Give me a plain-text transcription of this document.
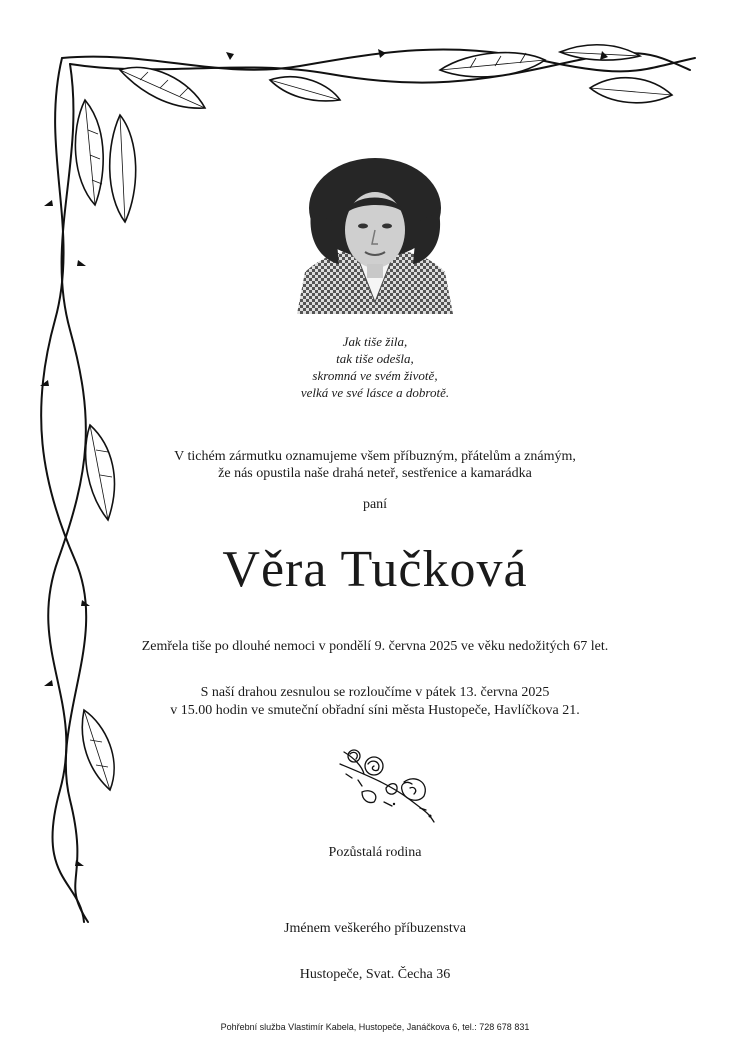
Jak tiše žila,
tak tiše odešla,
skromná ve svém životě,
velká ve své lásce a dobrotě.
V tichém zármutku oznamujeme všem příbuzným, přátelům a známým,
že nás opustila naše drahá neteř, sestřenice a kamarádka
paní
Věra Tučková
Zemřela tiše po dlouhé nemoci v pondělí 9. června 2025 ve věku nedožitých 67 let.
S naší drahou zesnulou se rozloučíme v pátek 13. června 2025
v 15.00 hodin ve smuteční obřadní síni města Hustopeče, Havlíčkova 21.
Pozůstalá rodina
Jménem veškerého příbuzenstva
Hustopeče, Svat. Čecha 36
Pohřební služba Vlastimír Kabela, Hustopeče, Janáčkova 6, tel.: 728 678 831
